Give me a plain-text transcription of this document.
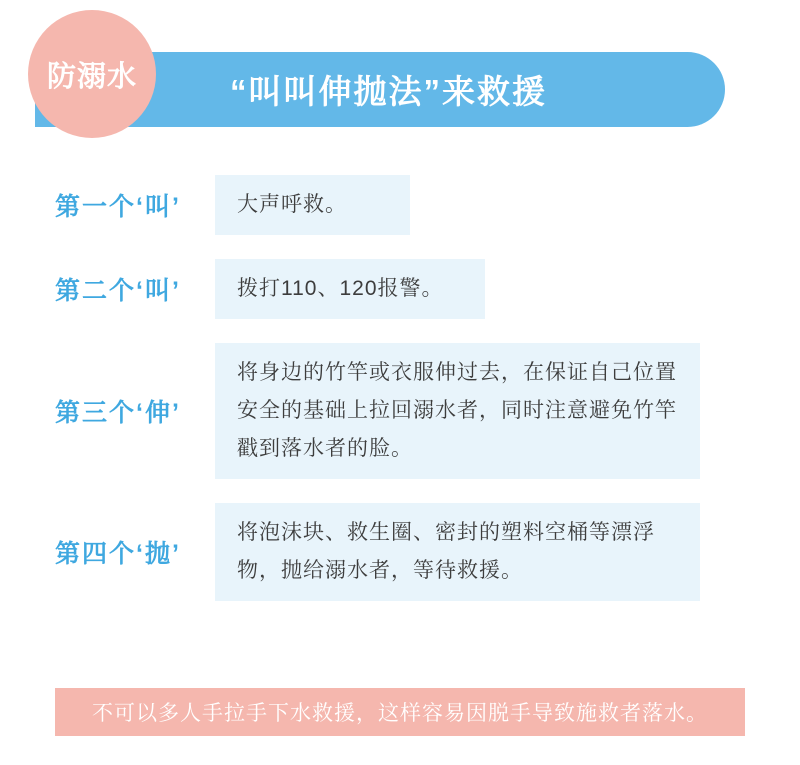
“叫叫伸抛法”来救援
防溺水
第一个‘叫’	大声呼救。
第二个‘叫’	拨打110、120报警。
第三个‘伸’
将身边的竹竿或衣服伸过去，在保证自己位置安全的基础上拉回溺水者，同时注意避免竹竿戳到落水者的脸。
第四个‘抛’
将泡沫块、救生圈、密封的塑料空桶等漂浮物，抛给溺水者，等待救援。
不可以多人手拉手下水救援，这样容易因脱手导致施救者落水。
